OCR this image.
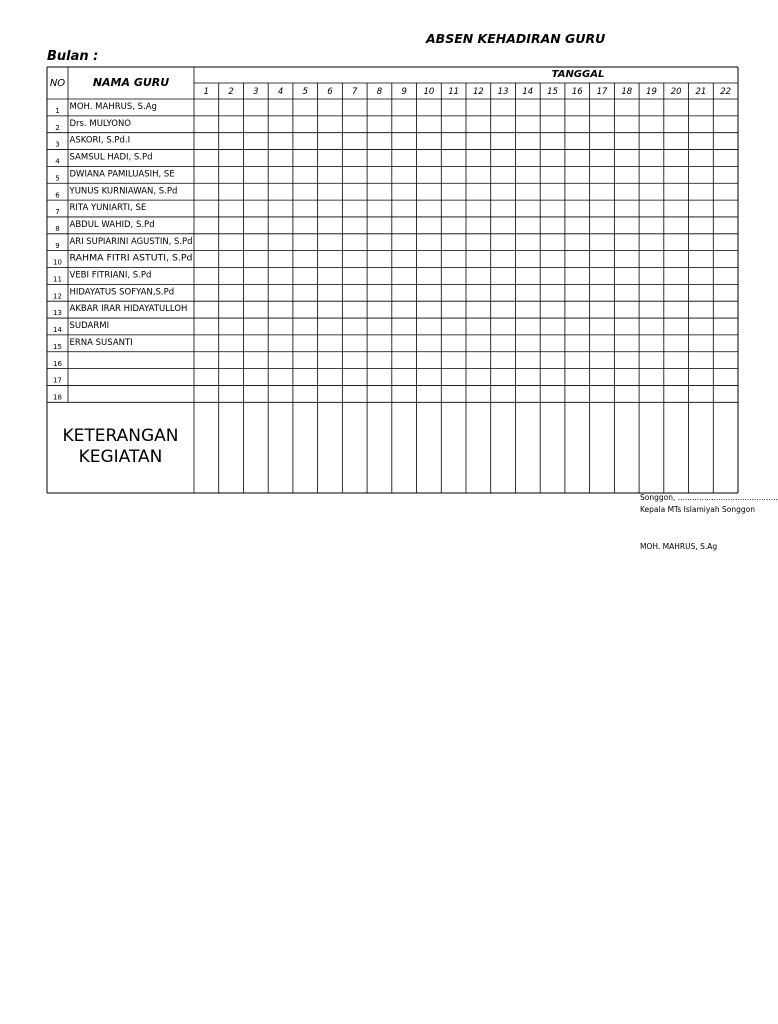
ABSEN KEHADIRAN GURU
Bulan :
NO	NAMA GURU
TANGGAL
1 2 3 4 5 6 7 8 9 10 11 12 13 14 15 16 17 18 19 20 21 22
1 MOH. MAHRUS, S.Ag
2 Drs. MULYONO
3 ASKORI, S.Pd.I
4 SAMSUL HADI, S.Pd
5 DWIANA PAMILUASIH, SE
6 YUNUS KURNIAWAN, S.Pd
7 RITA YUNIARTI, SE
8 ABDUL WAHID, S.Pd
9 ARI SUPIARINI AGUSTIN, S.Pd
10 RAHMA FITRI ASTUTI, S.Pd
11 VEBI FITRIANI, S.Pd
12 HIDAYATUS SOFYAN,S.Pd
13 AKBAR IRAR HIDAYATULLOH
14 SUDARMI
15 ERNA SUSANTI
16
17
18
KETERANGAN
KEGIATAN
Songgon, ..........................................
Kepala MTs Islamiyah Songgon
MOH. MAHRUS, S.Ag
